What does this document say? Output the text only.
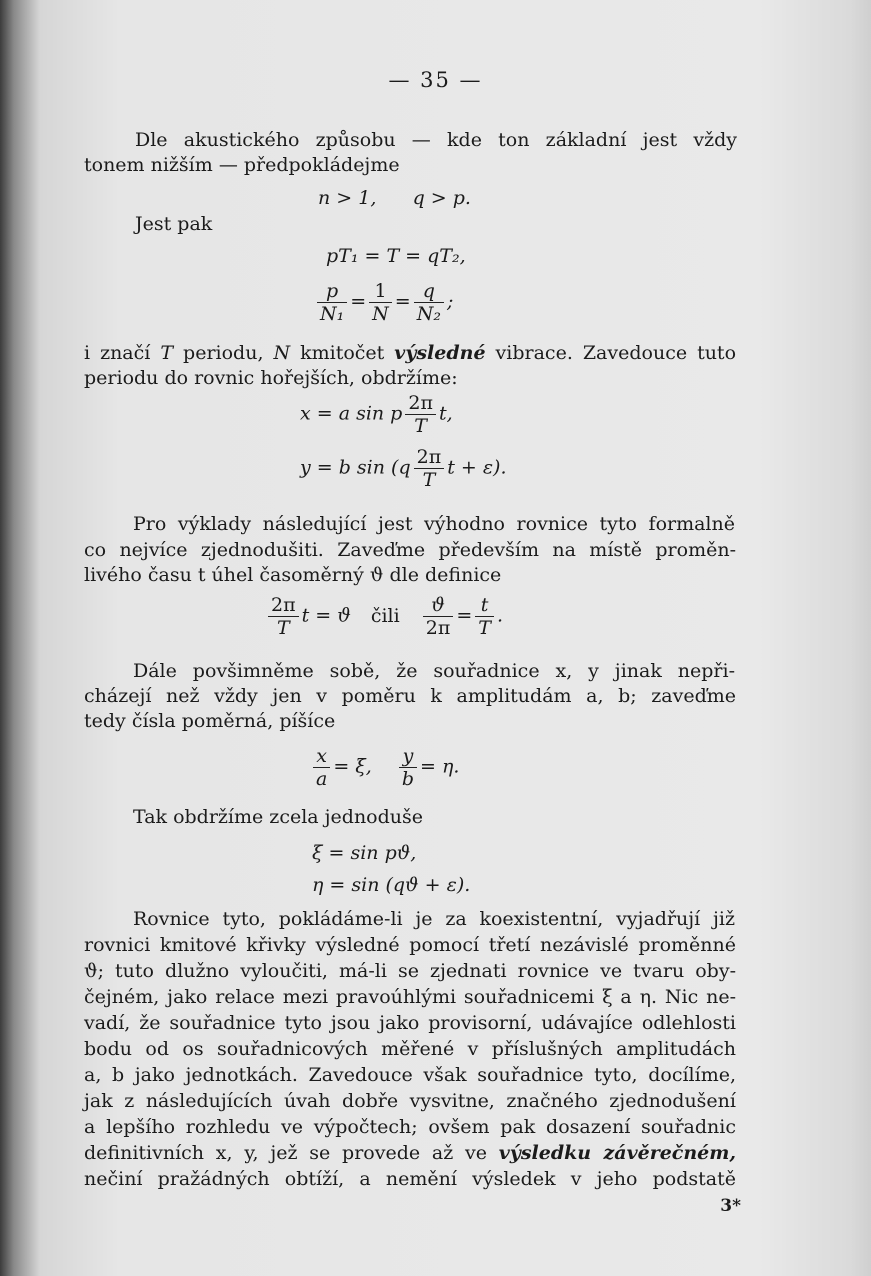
— 35 —
Dle akustického způsobu — kde ton základní jest vždy
tonem nižším — předpokládejme
n > 1,      q > p.
Jest pak
pT₁ = T = qT₂,
$\frac{p}{\text{N₁}} = \frac{1}{N} = \frac{q}{\text{N₂}}$ ;
i značí T periodu, N kmitočet výsledné vibrace. Zavedouce tuto
periodu do rovnic hořejších, obdržíme:
x = a sin p $\frac{2\pi}{T} t$,
y = b $\sin (q \frac{2\pi}{T}$ t + ε).
Pro výklady následující jest výhodno rovnice tyto formalně
co nejvíce zjednodušiti. Zaveďme především na místě proměn-
livého času t úhel časoměrný ϑ dle definice
$\frac{2\pi}{T}$ t = ϑ čili $\frac{ϑ}{2\pi} = \frac{t}{T}$ .
Dále povšimněme sobě, že souřadnice x, y jinak nepři-
cházejí než vždy jen v poměru k amplitudám a, b; zaveďme
tedy čísla poměrná, píšíce
$\frac{x}{a} = \xi$, $\frac{y}{b} = \eta$.
Tak obdržíme zcela jednoduše
ξ = sin pϑ,
η = sin (qϑ + ε).
Rovnice tyto, pokládáme-li je za koexistentní, vyjadřují již
rovnici kmitové křivky výsledné pomocí třetí nezávislé proměnné
ϑ; tuto dlužno vyloučiti, má-li se zjednati rovnice ve tvaru oby-
čejném, jako relace mezi pravoúhlými souřadnicemi ξ a η. Nic ne-
vadí, že souřadnice tyto jsou jako provisorní, udávajíce odlehlosti
bodu od os souřadnicových měřené v příslušných amplitudách
a, b jako jednotkách. Zavedouce však souřadnice tyto, docílíme,
jak z následujících úvah dobře vysvitne, značného zjednodušení
a lepšího rozhledu ve výpočtech; ovšem pak dosazení souřadnic
definitivních x, y, jež se provede až ve výsledku závěrečném,
nečiní pražádných obtíží, a nemění výsledek v jeho podstatě
3*
